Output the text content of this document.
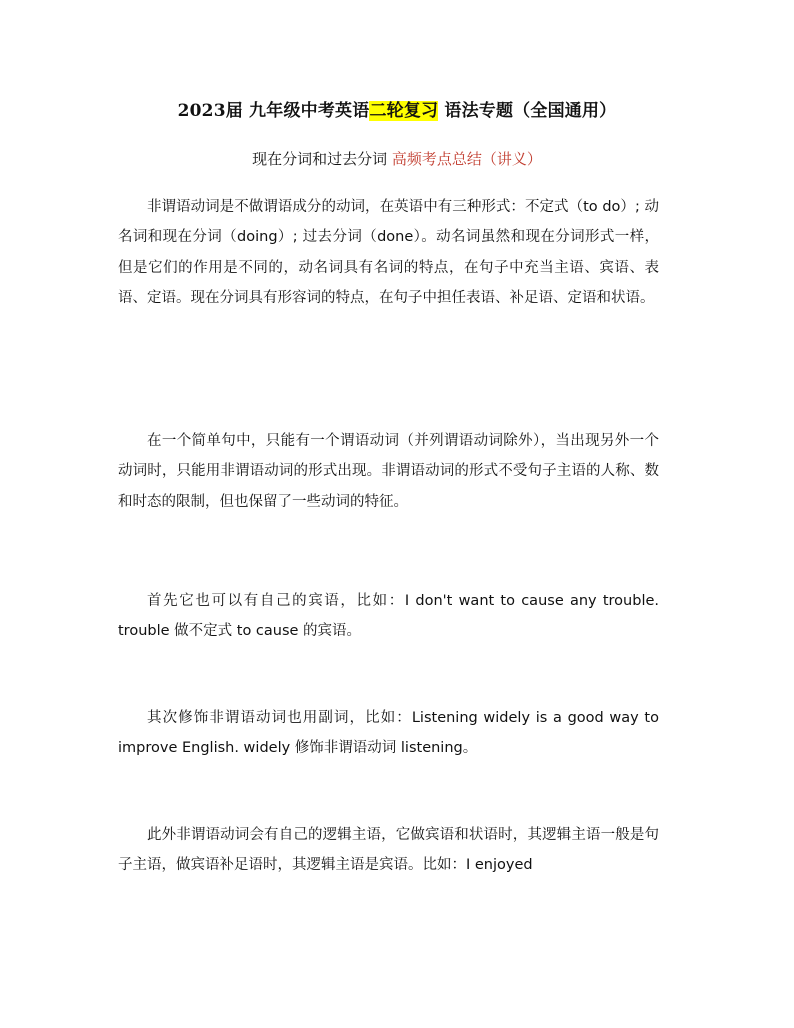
2023届 九年级中考英语二轮复习 语法专题（全国通用）
现在分词和过去分词 高频考点总结（讲义）

非谓语动词是不做谓语成分的动词，在英语中有三种形式：不定式（to do）; 动名词和现在分词（doing）; 过去分词（done）。动名词虽然和现在分词形式一样，但是它们的作用是不同的，动名词具有名词的特点，在句子中充当主语、宾语、表语、定语。现在分词具有形容词的特点，在句子中担任表语、补足语、定语和状语。

在一个简单句中，只能有一个谓语动词（并列谓语动词除外），当出现另外一个动词时，只能用非谓语动词的形式出现。非谓语动词的形式不受句子主语的人称、数和时态的限制，但也保留了一些动词的特征。

首先它也可以有自己的宾语，比如：I don't want to cause any trouble. trouble 做不定式 to cause 的宾语。

其次修饰非谓语动词也用副词，比如：Listening widely is a good way to improve English. widely 修饰非谓语动词 listening。

此外非谓语动词会有自己的逻辑主语，它做宾语和状语时，其逻辑主语一般是句子主语，做宾语补足语时，其逻辑主语是宾语。比如：I enjoyed
